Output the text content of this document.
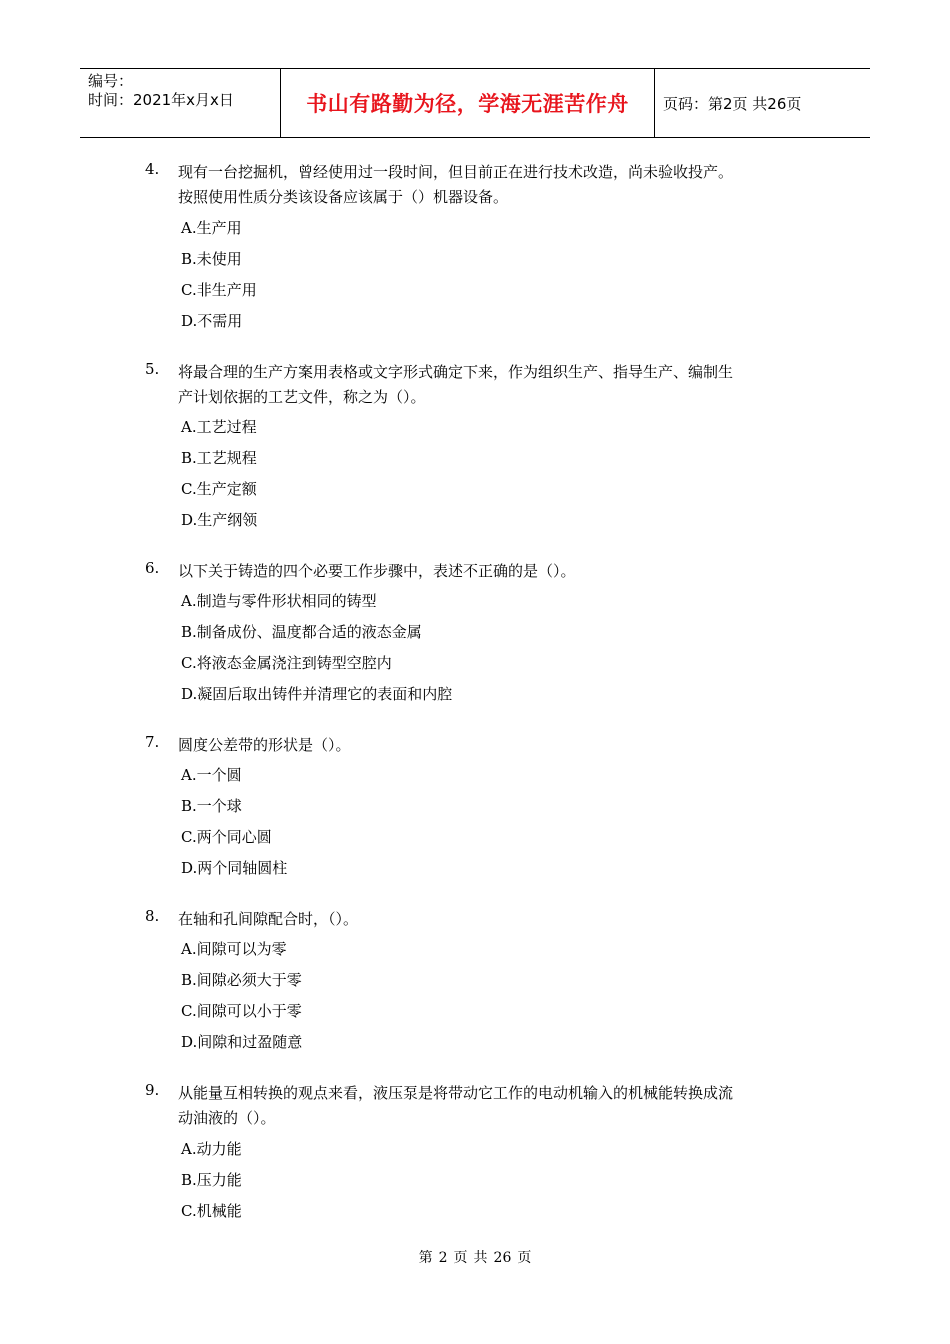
编号：
时间：2021年x月x日	书山有路勤为径，学海无涯苦作舟 页码：第2页 共26页
4. 现有一台挖掘机，曾经使用过一段时间，但目前正在进行技术改造，尚未验收投产。

按照使用性质分类该设备应该属于（）机器设备。

A.生产用
B.未使用
C.非生产用
D.不需用
5. 将最合理的生产方案用表格或文字形式确定下来，作为组织生产、指导生产、编制生

产计划依据的工艺文件，称之为（）。

A.工艺过程
B.工艺规程
C.生产定额
D.生产纲领
6. 以下关于铸造的四个必要工作步骤中，表述不正确的是（）。

A.制造与零件形状相同的铸型
B.制备成份、温度都合适的液态金属
C.将液态金属浇注到铸型空腔内
D.凝固后取出铸件并清理它的表面和内腔
7. 圆度公差带的形状是（）。

A.一个圆
B.一个球
C.两个同心圆
D.两个同轴圆柱
8. 在轴和孔间隙配合时，（）。

A.间隙可以为零
B.间隙必须大于零
C.间隙可以小于零
D.间隙和过盈随意
9. 从能量互相转换的观点来看，液压泵是将带动它工作的电动机输入的机械能转换成流

动油液的（）。

A.动力能
B.压力能
C.机械能
第 2 页 共 26 页
